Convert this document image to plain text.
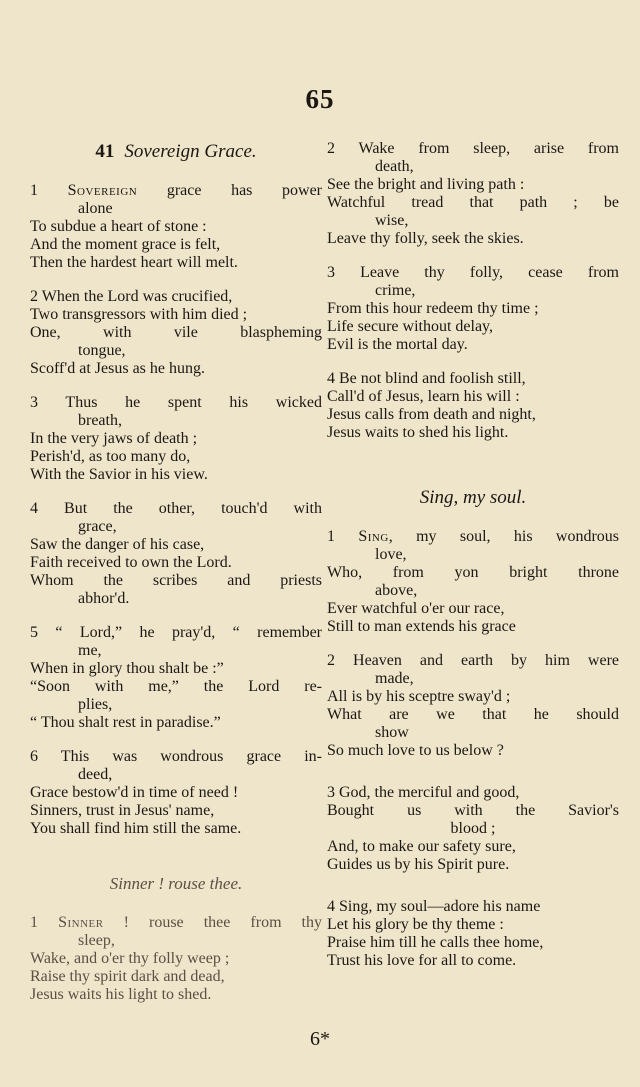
65
41 Sovereign Grace.
1 Sovereign grace has power
alone
To subdue a heart of stone :
And the moment grace is felt,
Then the hardest heart will melt.
2 When the Lord was crucified,
Two transgressors with him died ;
One, with vile blaspheming
tongue,
Scoff'd at Jesus as he hung.
3 Thus he spent his wicked
breath,
In the very jaws of death ;
Perish'd, as too many do,
With the Savior in his view.
4 But the other, touch'd with
grace,
Saw the danger of his case,
Faith received to own the Lord.
Whom the scribes and priests
abhor'd.
5 “ Lord,” he pray'd, “ remember
me,
When in glory thou shalt be :”
“Soon with me,” the Lord re-
plies,
“ Thou shalt rest in paradise.”
6 This was wondrous grace in-
deed,
Grace bestow'd in time of need !
Sinners, trust in Jesus' name,
You shall find him still the same.
Sinner ! rouse thee.
1 Sinner ! rouse thee from thy
sleep,
Wake, and o'er thy folly weep ;
Raise thy spirit dark and dead,
Jesus waits his light to shed.
2 Wake from sleep, arise from
death,
See the bright and living path :
Watchful tread that path ; be
wise,
Leave thy folly, seek the skies.
3 Leave thy folly, cease from
crime,
From this hour redeem thy time ;
Life secure without delay,
Evil is the mortal day.
4 Be not blind and foolish still,
Call'd of Jesus, learn his will :
Jesus calls from death and night,
Jesus waits to shed his light.
Sing, my soul.
1 Sing, my soul, his wondrous
love,
Who, from yon bright throne
above,
Ever watchful o'er our race,
Still to man extends his grace
2 Heaven and earth by him were
made,
All is by his sceptre sway'd ;
What are we that he should
show
So much love to us below ?
3 God, the merciful and good,
Bought us with the Savior's
blood ;
And, to make our safety sure,
Guides us by his Spirit pure.
4 Sing, my soul—adore his name
Let his glory be thy theme :
Praise him till he calls thee home,
Trust his love for all to come.
6*
